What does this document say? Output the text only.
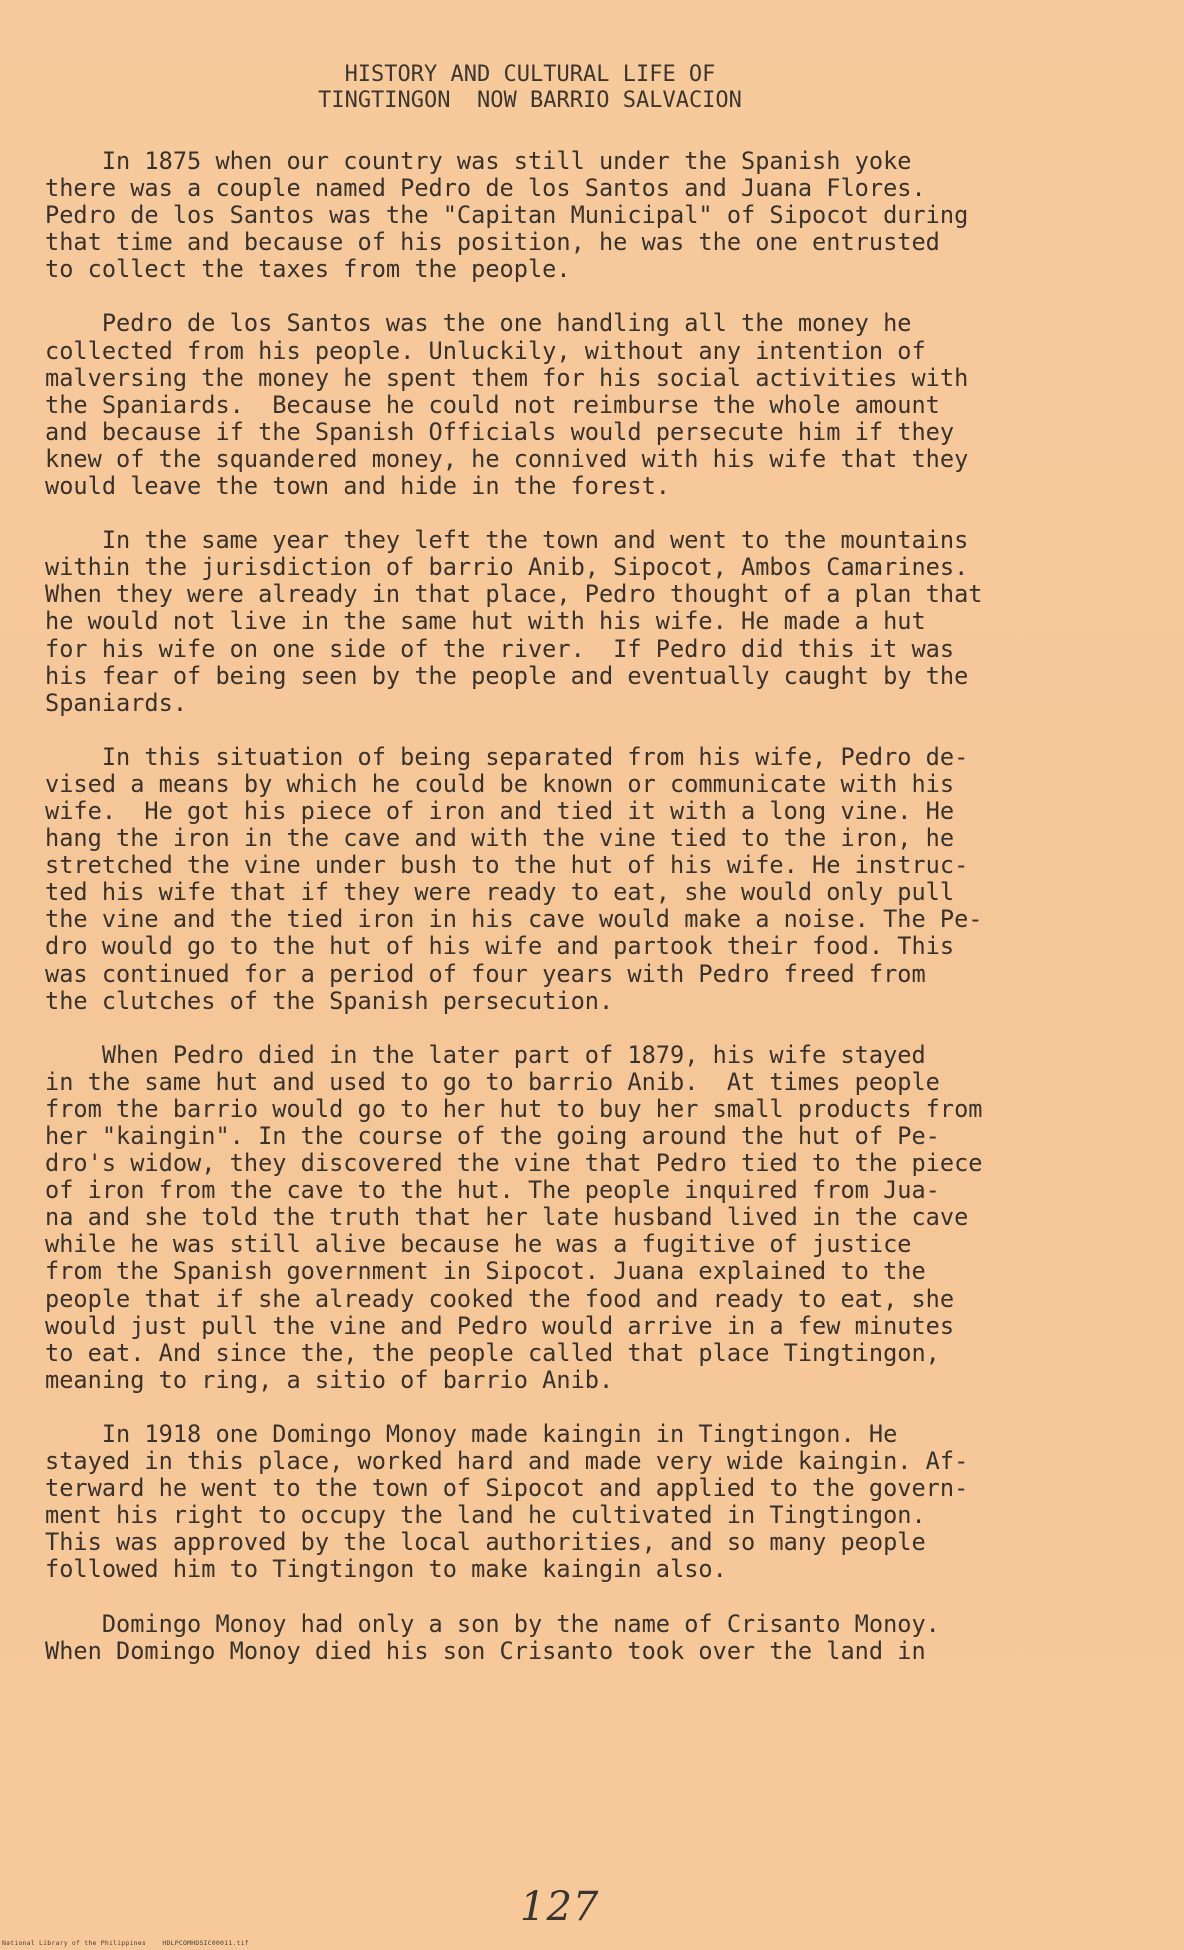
HISTORY AND CULTURAL LIFE OF
TINGTINGON  NOW BARRIO SALVACION
In 1875 when our country was still under the Spanish yoke
there was a couple named Pedro de los Santos and Juana Flores.
Pedro de los Santos was the "Capitan Municipal" of Sipocot during
that time and because of his position, he was the one entrusted
to collect the taxes from the people.
Pedro de los Santos was the one handling all the money he
collected from his people. Unluckily, without any intention of
malversing the money he spent them for his social activities with
the Spaniards.  Because he could not reimburse the whole amount
and because if the Spanish Officials would persecute him if they
knew of the squandered money, he connived with his wife that they
would leave the town and hide in the forest.
In the same year they left the town and went to the mountains
within the jurisdiction of barrio Anib, Sipocot, Ambos Camarines.
When they were already in that place, Pedro thought of a plan that
he would not live in the same hut with his wife. He made a hut
for his wife on one side of the river.  If Pedro did this it was
his fear of being seen by the people and eventually caught by the
Spaniards.
In this situation of being separated from his wife, Pedro de-
vised a means by which he could be known or communicate with his
wife.  He got his piece of iron and tied it with a long vine. He
hang the iron in the cave and with the vine tied to the iron, he
stretched the vine under bush to the hut of his wife. He instruc-
ted his wife that if they were ready to eat, she would only pull
the vine and the tied iron in his cave would make a noise. The Pe-
dro would go to the hut of his wife and partook their food. This
was continued for a period of four years with Pedro freed from
the clutches of the Spanish persecution.
When Pedro died in the later part of 1879, his wife stayed
in the same hut and used to go to barrio Anib.  At times people
from the barrio would go to her hut to buy her small products from
her "kaingin". In the course of the going around the hut of Pe-
dro's widow, they discovered the vine that Pedro tied to the piece
of iron from the cave to the hut. The people inquired from Jua-
na and she told the truth that her late husband lived in the cave
while he was still alive because he was a fugitive of justice
from the Spanish government in Sipocot. Juana explained to the
people that if she already cooked the food and ready to eat, she
would just pull the vine and Pedro would arrive in a few minutes
to eat. And since the, the people called that place Tingtingon,
meaning to ring, a sitio of barrio Anib.
In 1918 one Domingo Monoy made kaingin in Tingtingon. He
stayed in this place, worked hard and made very wide kaingin. Af-
terward he went to the town of Sipocot and applied to the govern-
ment his right to occupy the land he cultivated in Tingtingon.
This was approved by the local authorities, and so many people
followed him to Tingtingon to make kaingin also.
Domingo Monoy had only a son by the name of Crisanto Monoy.
When Domingo Monoy died his son Crisanto took over the land in
127
National Library of the Philippines    HDLPCOMHDSIC00011.tif
